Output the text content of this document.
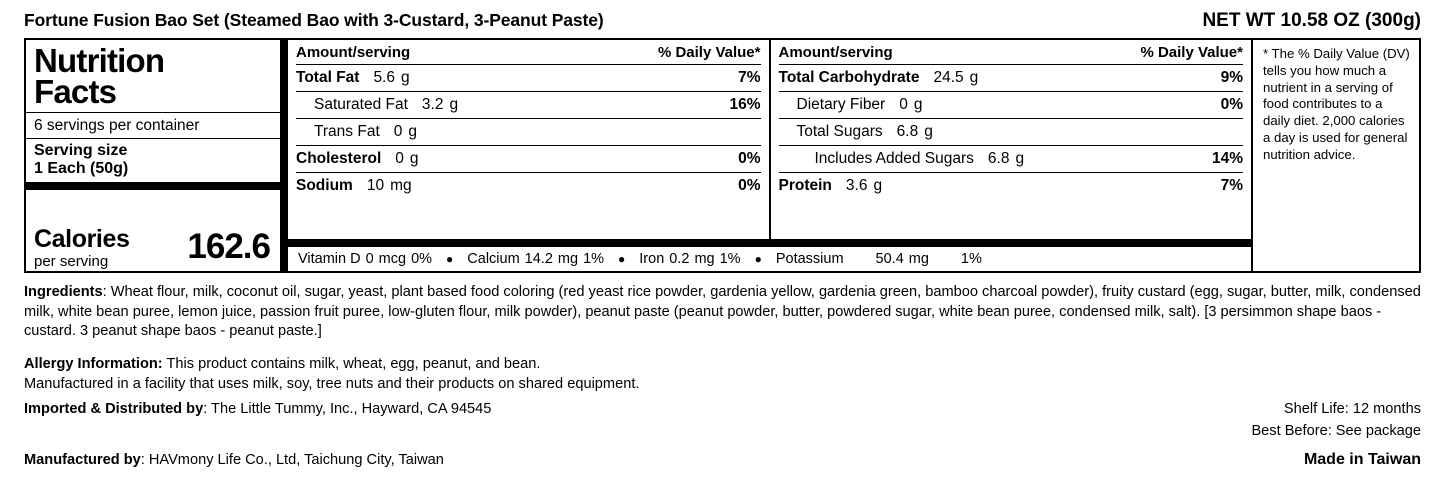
Fortune Fusion Bao Set (Steamed Bao with 3-Custard, 3-Peanut Paste)	NET WT 10.58 OZ (300g)
Nutrition
Facts
6 servings per container
Serving size
1 Each (50g)
Calories
per serving	162.6
Amount/serving	% Daily Value*
Total Fat 5.6 g	7%
Saturated Fat 3.2 g	16%
Trans Fat 0 g
Cholesterol 0 g	0%
Sodium 10 mg	0%
Amount/serving	% Daily Value*
Total Carbohydrate 24.5 g	9%
Dietary Fiber 0 g	0%
Total Sugars 6.8 g
Includes Added Sugars 6.8 g	14%
Protein 3.6 g	7%
Vitamin D 0 mcg 0%	● Calcium 14.2 mg 1%	● Iron 0.2 mg 1%	● Potassium 50.4 mg 1%
* The % Daily Value (DV) tells you how much a nutrient in a serving of food contributes to a daily diet. 2,000 calories a day is used for general nutrition advice.
Ingredients: Wheat flour, milk, coconut oil, sugar, yeast, plant based food coloring (red yeast rice powder, gardenia yellow, gardenia green, bamboo charcoal powder), fruity custard (egg, sugar, butter, milk, condensed milk, white bean puree, lemon juice, passion fruit puree, low-gluten flour, milk powder), peanut paste (peanut powder, butter, powdered sugar, white bean puree, condensed milk, salt). [3 persimmon shape baos - custard. 3 peanut shape baos - peanut paste.]
Allergy Information: This product contains milk, wheat, egg, peanut, and bean.
Manufactured in a facility that uses milk, soy, tree nuts and their products on shared equipment.
Imported & Distributed by: The Little Tummy, Inc., Hayward, CA 94545	Shelf Life: 12 months
Best Before: See package
Manufactured by: HAVmony Life Co., Ltd, Taichung City, Taiwan	Made in Taiwan
